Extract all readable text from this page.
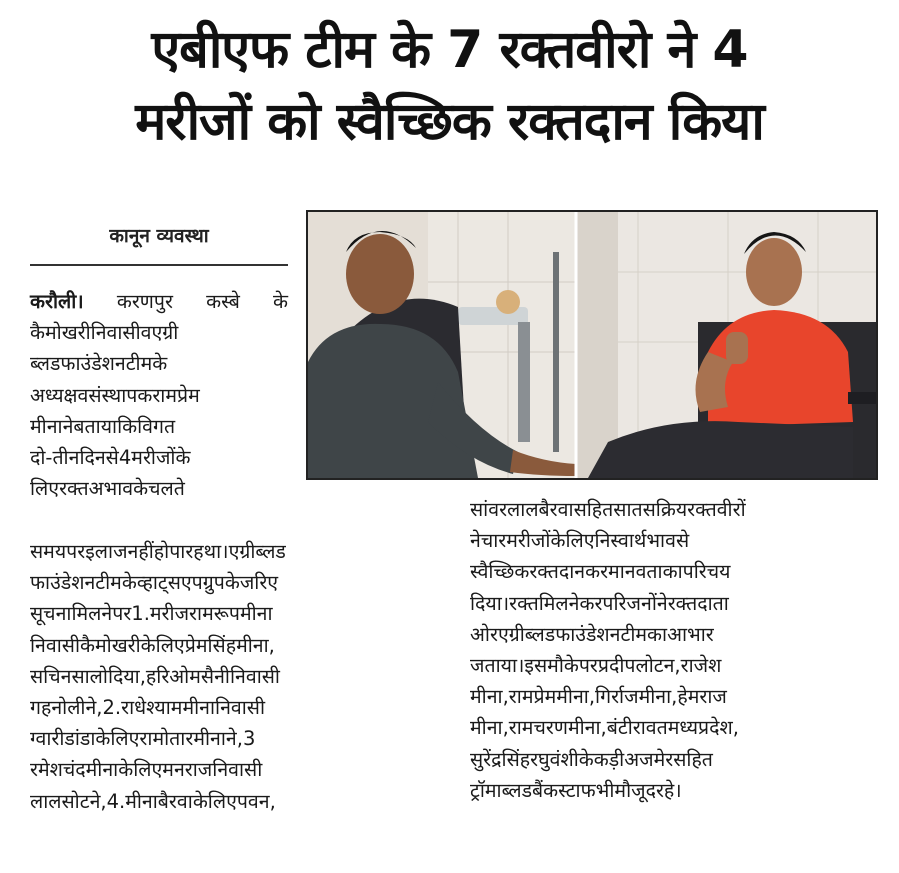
एबीएफ टीम के 7 रक्तवीरो ने 4
मरीजों को स्वैच्छिक रक्तदान किया
कानून व्यवस्था
करौली। करणपुर कस्बे के
कैमोखरीनिवासीवएग्री
ब्लडफाउंडेशनटीमके
अध्यक्षवसंस्थापकरामप्रेम
मीनानेबतायाकिविगत
दो-तीनदिनसे4मरीजोंके
लिएरक्तअभावकेचलते
समयपरइलाजनहींहोपारहथा।एग्रीब्लड
फाउंडेशनटीमकेव्हाट्सएपग्रुपकेजरिए
सूचनामिलनेपर1.मरीजरामरूपमीना
निवासीकैमोखरीकेलिएप्रेमसिंहमीना,
सचिनसालोदिया,हरिओमसैनीनिवासी
गहनोलीने,2.राधेश्याममीनानिवासी
ग्वारीडांडाकेलिएरामोतारमीनाने,3
रमेशचंदमीनाकेलिएमनराजनिवासी
लालसोटने,4.मीनाबैरवाकेलिएपवन,
सांवरलालबैरवासहितसातसक्रियरक्तवीरों
नेचारमरीजोंकेलिएनिस्वार्थभावसे
स्वैच्छिकरक्तदानकरमानवताकापरिचय
दिया।रक्तमिलनेकरपरिजनोंनेरक्तदाता
ओरएग्रीब्लडफाउंडेशनटीमकाआभार
जताया।इसमौकेपरप्रदीपलोटन,राजेश
मीना,रामप्रेममीना,गिर्राजमीना,हेमराज
मीना,रामचरणमीना,बंटीरावतमध्यप्रदेश,
सुरेंद्रसिंहरघुवंशीकेकड़ीअजमेरसहित
ट्रॉमाब्लडबैंकस्टाफभीमौजूदरहे।
